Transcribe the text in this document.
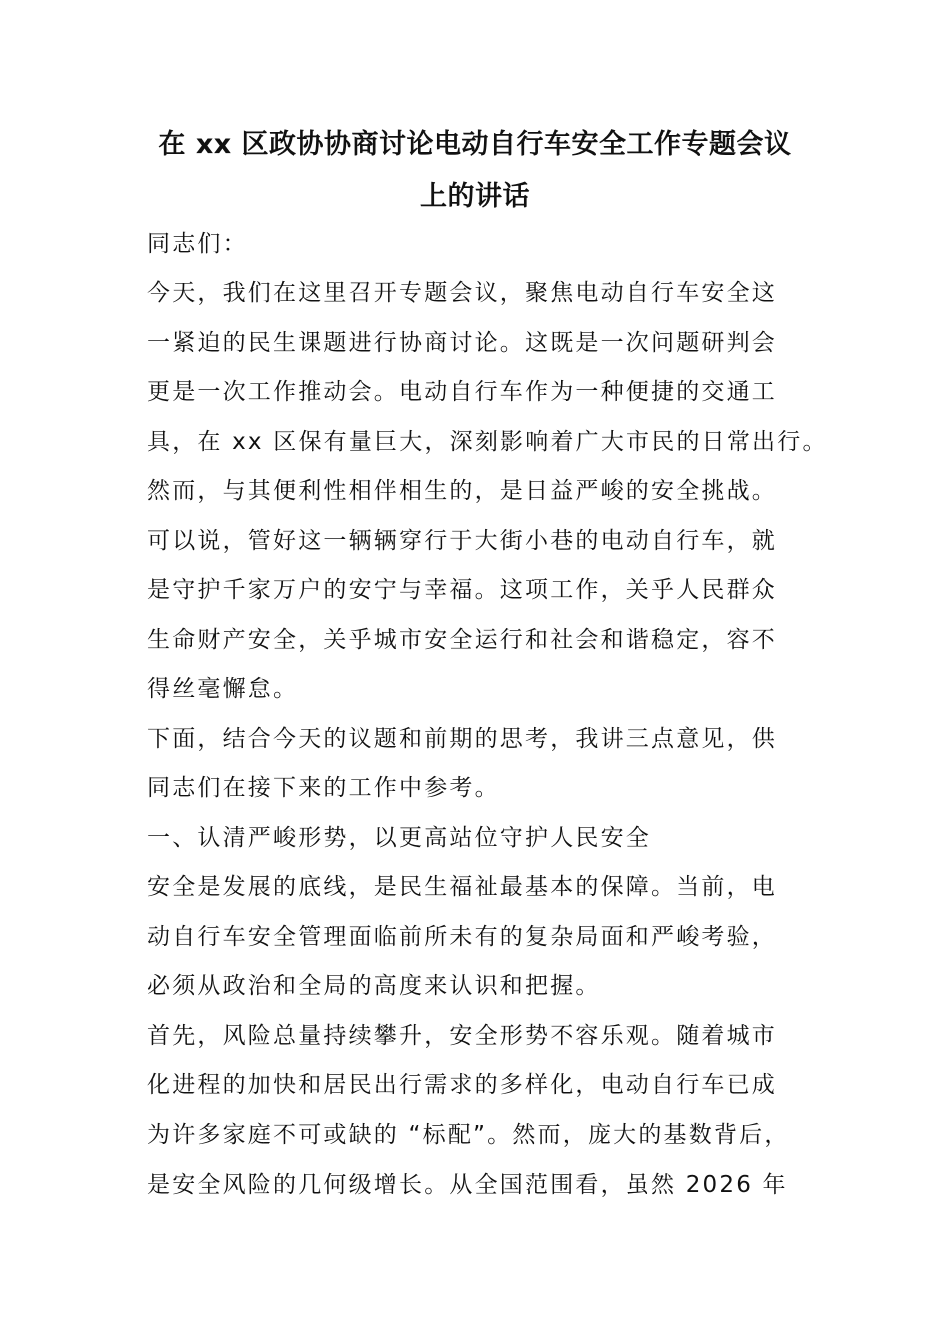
在 xx 区政协协商讨论电动自行车安全工作专题会议
上的讲话
同志们：
今天，我们在这里召开专题会议，聚焦电动自行车安全这
一紧迫的民生课题进行协商讨论。这既是一次问题研判会
更是一次工作推动会。电动自行车作为一种便捷的交通工
具，在 xx 区保有量巨大，深刻影响着广大市民的日常出行。
然而，与其便利性相伴相生的，是日益严峻的安全挑战。
可以说，管好这一辆辆穿行于大街小巷的电动自行车，就
是守护千家万户的安宁与幸福。这项工作，关乎人民群众
生命财产安全，关乎城市安全运行和社会和谐稳定，容不
得丝毫懈怠。
下面，结合今天的议题和前期的思考，我讲三点意见，供
同志们在接下来的工作中参考。
一、认清严峻形势，以更高站位守护人民安全
安全是发展的底线，是民生福祉最基本的保障。当前，电
动自行车安全管理面临前所未有的复杂局面和严峻考验，
必须从政治和全局的高度来认识和把握。
首先，风险总量持续攀升，安全形势不容乐观。随着城市
化进程的加快和居民出行需求的多样化，电动自行车已成
为许多家庭不可或缺的 “标配”。然而，庞大的基数背后，
是安全风险的几何级增长。从全国范围看，虽然 2026 年
